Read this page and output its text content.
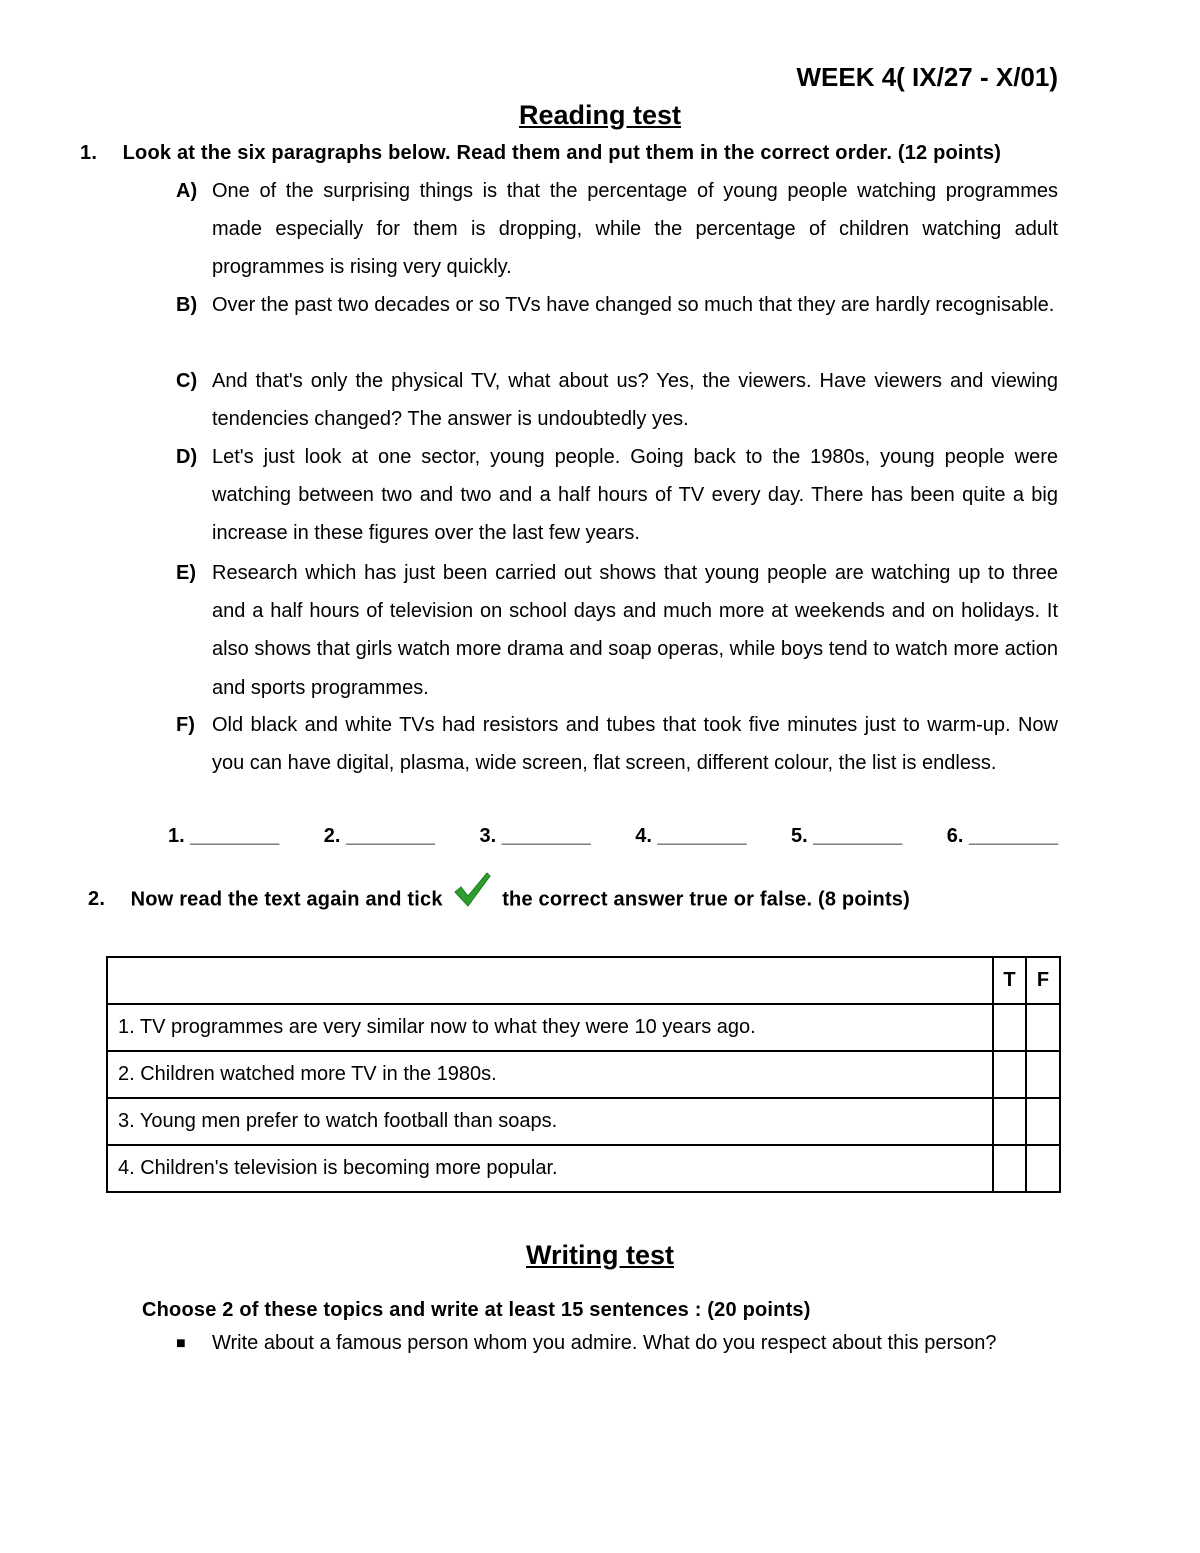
WEEK 4( IX/27 - X/01)
Reading test
1. Look at the six paragraphs below. Read them and put them in the correct order. (12 points)
A) One of the surprising things is that the percentage of young people watching programmes made especially for them is dropping, while the percentage of children watching adult programmes is rising very quickly.
B) Over the past two decades or so TVs have changed so much that they are hardly recognisable.
C) And that's only the physical TV, what about us? Yes, the viewers. Have viewers and viewing tendencies changed? The answer is undoubtedly yes.
D) Let's just look at one sector, young people. Going back to the 1980s, young people were watching between two and two and a half hours of TV every day. There has been quite a big increase in these figures over the last few years.
E) Research which has just been carried out shows that young people are watching up to three and a half hours of television on school days and much more at weekends and on holidays. It also shows that girls watch more drama and soap operas, while boys tend to watch more action and sports programmes.
F) Old black and white TVs had resistors and tubes that took five minutes just to warm-up. Now you can have digital, plasma, wide screen, flat screen, different colour, the list is endless.
1. ________ 2. ________ 3. ________ 4. ________ 5. ________ 6. ________
2. Now read the text again and tick	the correct answer true or false. (8 points)
	T	F
1. TV programmes are very similar now to what they were 10 years ago.		
2. Children watched more TV in the 1980s.		
3. Young men prefer to watch football than soaps.		
4. Children's television is becoming more popular.		
Writing test
Choose 2 of these topics and write at least 15 sentences : (20 points)
■ Write about a famous person whom you admire. What do you respect about this person?
